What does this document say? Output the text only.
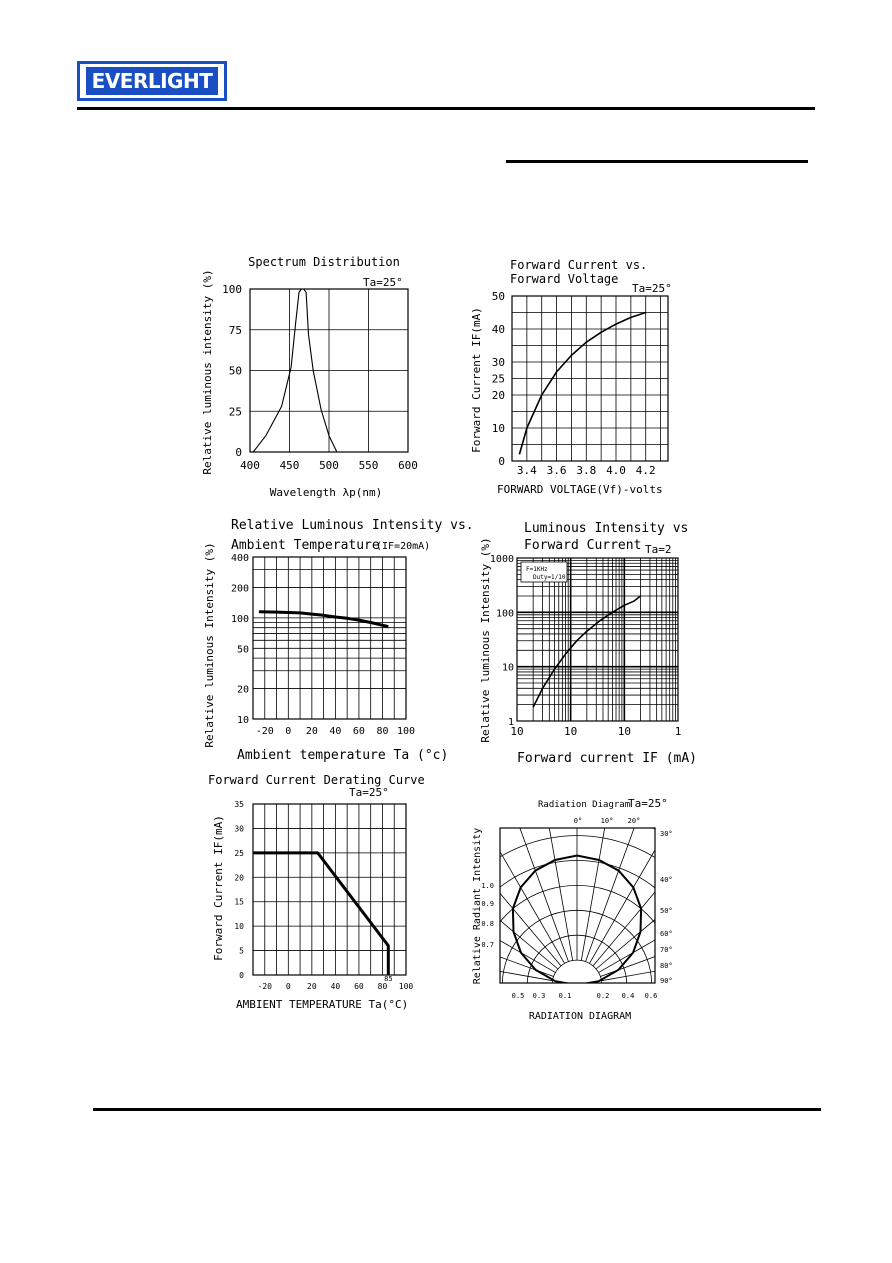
EVERLIGHT
400 450 500 550 600
0
25
50
75
100
Spectrum Distribution
Ta=25°
Wavelength λp(nm)
Relative luminous intensity (%)	3.4 3.6 3.8 4.0 4.2
0
10
20
25
30
40
50
Forward Current vs.
Forward Voltage
Ta=25°
FORWARD VOLTAGE(Vf)-volts
Forward Current IF(mA)
-20 0 20 40 60 80 100
10
20
50
100
200
400
Relative Luminous Intensity vs.
Ambient Temperature
(IF=20mA)
Ambient temperature Ta (°c)
Relative luminous Intensity (%)	10	10	10	1
1
10
100
1000
F=1KHz
Duty=1/10
Luminous Intensity vs
Forward Current Ta=2
Forward current IF (mA)
Relative luminous Intensity (%)
0
5
10
15
20
25
30
35
-20 0 20 40 60 80 100
85
Forward Current Derating Curve
Ta=25°
AMBIENT TEMPERATURE Ta(°C)
Forward Current IF(mA)	0°	10° 20°
30°
40°
50°
60°
70°
80°
90°
1.0
0.9
0.8
0.7
0.5 0.3 0.1	0.2 0.4 0.6
Radiation Diagram
Ta=25°
RADIATION DIAGRAM
Relative Radiant Intensity
